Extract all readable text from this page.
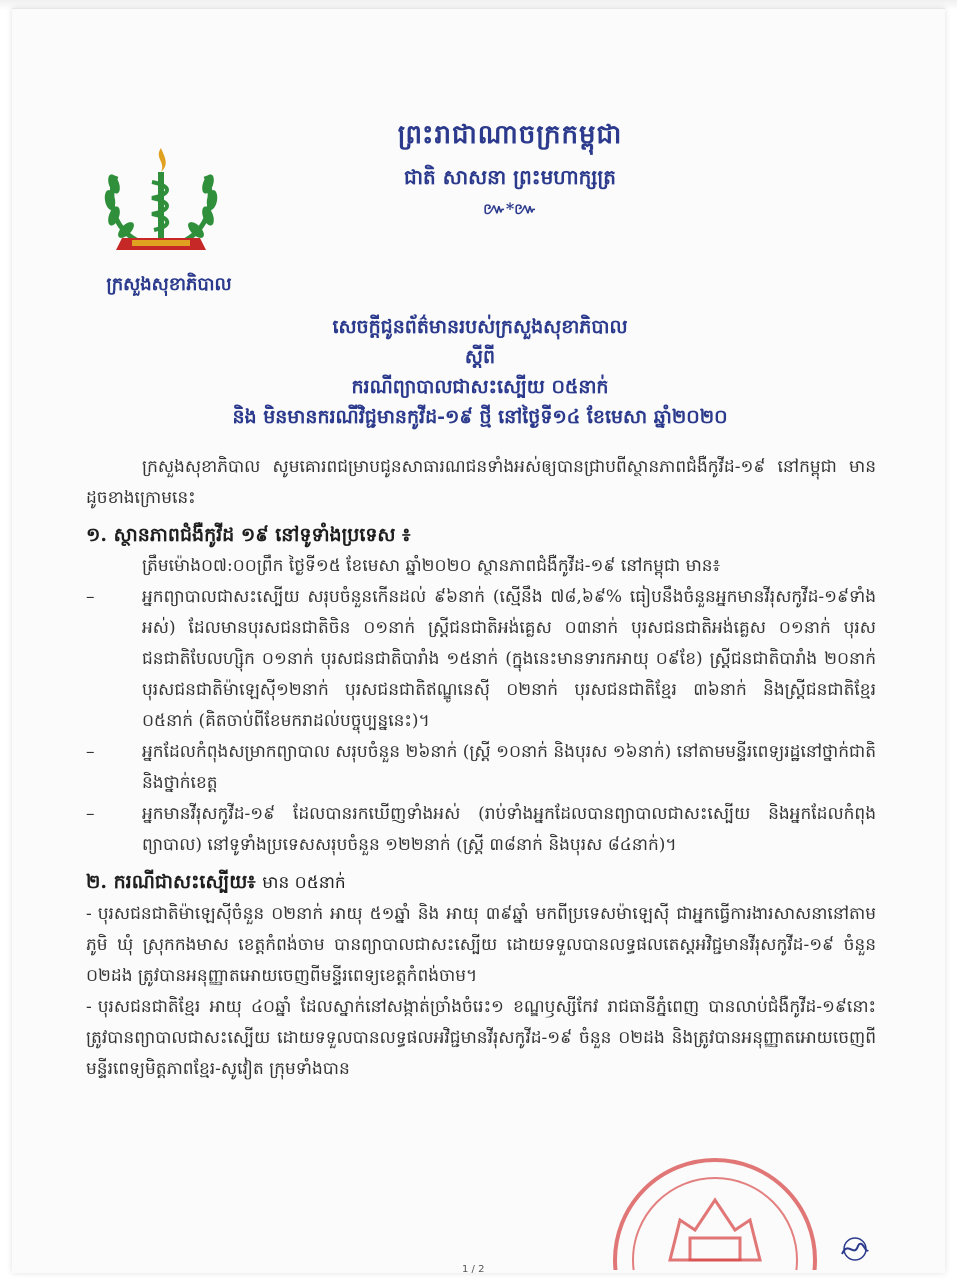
ក្រសួងសុខាភិបាល
ព្រះរាជាណាចក្រកម្ពុជា
ជាតិ សាសនា ព្រះមហាក្សត្រ
៚*៚
សេចក្តីជូនព័ត៌មានរបស់ក្រសួងសុខាភិបាល
ស្តីពី
ករណីព្យាបាលជាសះស្បើយ ០៥នាក់
និង មិនមានករណីវិជ្ជមានកូវីដ-១៩ ថ្មី នៅថ្ងៃទី១៤ ខែមេសា ឆ្នាំ២០២០

ក្រសួងសុខាភិបាល សូមគោរពជម្រាបជូនសាធារណជនទាំងអស់ឲ្យបានជ្រាបពីស្ថានភាពជំងឺកូវីដ-១៩ នៅកម្ពុជា មានដូចខាងក្រោមនេះ

១. ស្ថានភាពជំងឺកូវីដ ១៩ នៅទូទាំងប្រទេស ៖

ត្រឹមម៉ោង០៧:០០ព្រឹក ថ្ងៃទី១៥ ខែមេសា ឆ្នាំ២០២០ ស្ថានភាពជំងឺកូវីដ-១៩ នៅកម្ពុជា មាន៖

–	អ្នកព្យាបាលជាសះស្បើយ សរុបចំនួនកើនដល់ ៩៦នាក់ (ស្មើនឹង ៧៨,៦៩% ធៀបនឹងចំនួនអ្នកមានវីរុសកូវីដ-១៩ទាំងអស់) ដែលមានបុរសជនជាតិចិន ០១នាក់ ស្ត្រីជនជាតិអង់គ្លេស ០៣នាក់ បុរសជនជាតិអង់គ្លេស ០១នាក់ បុរសជនជាតិបែលហ្ស៊ិក ០១នាក់ បុរសជនជាតិបារាំង ១៥នាក់ (ក្នុងនេះមានទារកអាយុ ០៩ខែ) ស្ត្រីជនជាតិបារាំង ២០នាក់ បុរសជនជាតិម៉ាឡេស៊ី១២នាក់ បុរសជនជាតិឥណ្ឌូនេស៊ី ០២នាក់ បុរសជនជាតិខ្មែរ ៣៦នាក់ និងស្ត្រីជនជាតិខ្មែរ ០៥នាក់ (គិតចាប់ពីខែមករាដល់បច្ចុប្បន្ននេះ)។

–	អ្នកដែលកំពុងសម្រាកព្យាបាល សរុបចំនួន ២៦នាក់ (ស្ត្រី ១០នាក់ និងបុរស ១៦នាក់) នៅតាមមន្ទីរពេទ្យរដ្ឋនៅថ្នាក់ជាតិ និងថ្នាក់ខេត្ត

–	អ្នកមានវីរុសកូវីដ-១៩ ដែលបានរកឃើញទាំងអស់ (រាប់ទាំងអ្នកដែលបានព្យាបាលជាសះស្បើយ និងអ្នកដែលកំពុងព្យាបាល) នៅទូទាំងប្រទេសសរុបចំនួន ១២២នាក់ (ស្ត្រី ៣៨នាក់ និងបុរស ៨៤នាក់)។

២. ករណីជាសះស្បើយ៖ មាន ០៥នាក់

- បុរសជនជាតិម៉ាឡេស៊ីចំនួន ០២នាក់ អាយុ ៥១ឆ្នាំ និង អាយុ ៣៩ឆ្នាំ មកពីប្រទេសម៉ាឡេស៊ី ជាអ្នកធ្វើការងារសាសនានៅតាមភូមិ ឃុំ ស្រុកកងមាស ខេត្តកំពង់ចាម បានព្យាបាលជាសះស្បើយ ដោយទទួលបានលទ្ធផលតេស្តអវិជ្ជមានវីរុសកូវីដ-១៩ ចំនួន ០២ដង ត្រូវបានអនុញ្ញាតអោយចេញពីមន្ទីរពេទ្យខេត្តកំពង់ចាម។

- បុរសជនជាតិខ្មែរ អាយុ ៤០ឆ្នាំ ដែលស្នាក់នៅសង្កាត់ច្រាំងចំរេះ១ ខណ្ឌឫស្សីកែវ រាជធានីភ្នំពេញ បានលាប់ជំងឺកូវីដ-១៩នោះ ត្រូវបានព្យាបាលជាសះស្បើយ ដោយទទួលបានលទ្ធផលអវិជ្ជមានវីរុសកូវីដ-១៩ ចំនួន ០២ដង និងត្រូវបានអនុញ្ញាតអោយចេញពីមន្ទីរពេទ្យមិត្តភាពខ្មែរ-សូវៀត ក្រុមទាំងបាន

1 / 2
